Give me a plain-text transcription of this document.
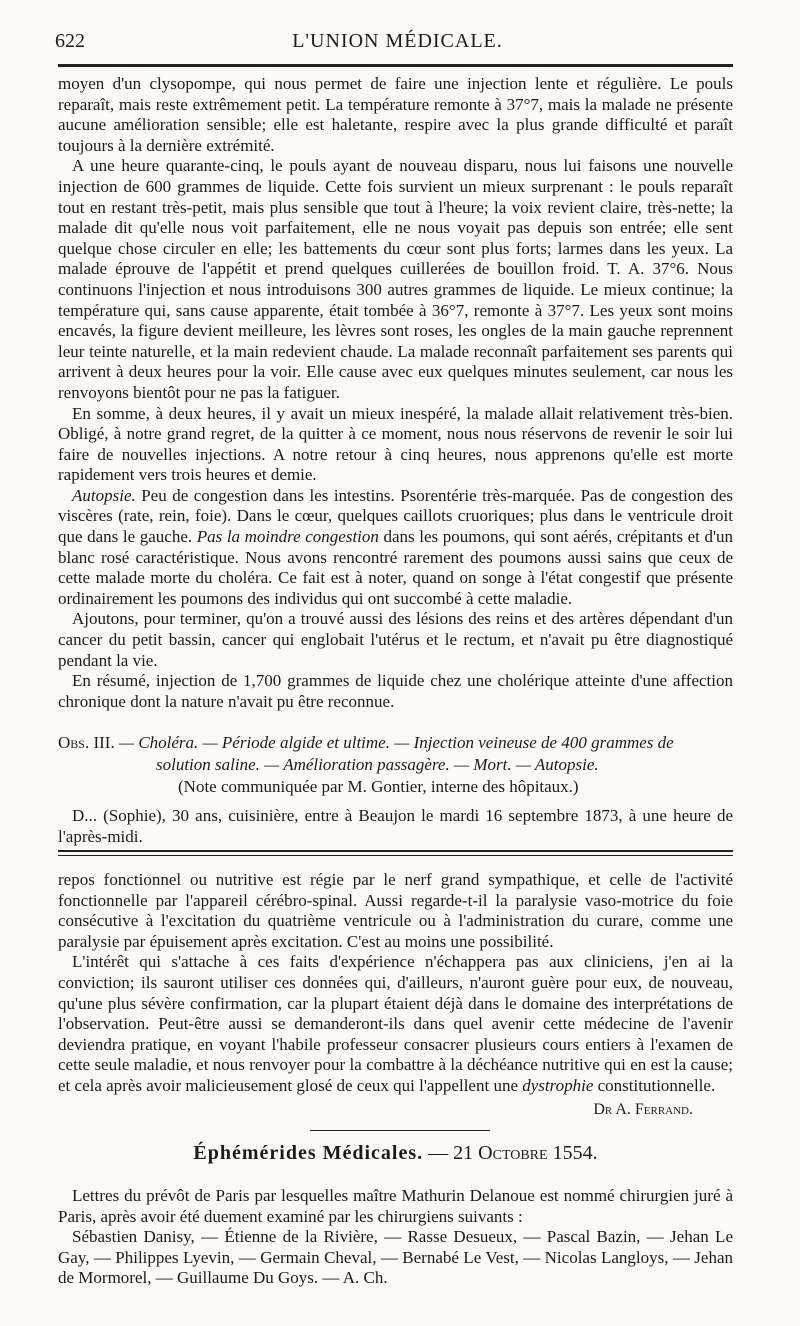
622	L'UNION MÉDICALE.

moyen d'un clysopompe, qui nous permet de faire une injection lente et régulière. Le pouls reparaît, mais reste extrêmement petit. La température remonte à 37°7, mais la malade ne présente aucune amélioration sensible; elle est haletante, respire avec la plus grande difficulté et paraît toujours à la dernière extrémité.

A une heure quarante-cinq, le pouls ayant de nouveau disparu, nous lui faisons une nouvelle injection de 600 grammes de liquide. Cette fois survient un mieux surprenant : le pouls reparaît tout en restant très-petit, mais plus sensible que tout à l'heure; la voix revient claire, très-nette; la malade dit qu'elle nous voit parfaitement, elle ne nous voyait pas depuis son entrée; elle sent quelque chose circuler en elle; les battements du cœur sont plus forts; larmes dans les yeux. La malade éprouve de l'appétit et prend quelques cuillerées de bouillon froid. T. A. 37°6. Nous continuons l'injection et nous introduisons 300 autres grammes de liquide. Le mieux continue; la température qui, sans cause apparente, était tombée à 36°7, remonte à 37°7. Les yeux sont moins encavés, la figure devient meilleure, les lèvres sont roses, les ongles de la main gauche reprennent leur teinte naturelle, et la main redevient chaude. La malade reconnaît parfaitement ses parents qui arrivent à deux heures pour la voir. Elle cause avec eux quelques minutes seulement, car nous les renvoyons bientôt pour ne pas la fatiguer.

En somme, à deux heures, il y avait un mieux inespéré, la malade allait relativement très-bien. Obligé, à notre grand regret, de la quitter à ce moment, nous nous réservons de revenir le soir lui faire de nouvelles injections. A notre retour à cinq heures, nous apprenons qu'elle est morte rapidement vers trois heures et demie.

Autopsie. Peu de congestion dans les intestins. Psorentérie très-marquée. Pas de congestion des viscères (rate, rein, foie). Dans le cœur, quelques caillots cruoriques; plus dans le ventricule droit que dans le gauche. Pas la moindre congestion dans les poumons, qui sont aérés, crépitants et d'un blanc rosé caractéristique. Nous avons rencontré rarement des poumons aussi sains que ceux de cette malade morte du choléra. Ce fait est à noter, quand on songe à l'état congestif que présente ordinairement les poumons des individus qui ont succombé à cette maladie.

Ajoutons, pour terminer, qu'on a trouvé aussi des lésions des reins et des artères dépendant d'un cancer du petit bassin, cancer qui englobait l'utérus et le rectum, et n'avait pu être diagnostiqué pendant la vie.

En résumé, injection de 1,700 grammes de liquide chez une cholérique atteinte d'une affection chronique dont la nature n'avait pu être reconnue.

Obs. III. — Choléra. — Période algide et ultime. — Injection veineuse de 400 grammes de
solution saline. — Amélioration passagère. — Mort. — Autopsie.
(Note communiquée par M. Gontier, interne des hôpitaux.)

D... (Sophie), 30 ans, cuisinière, entre à Beaujon le mardi 16 septembre 1873, à une heure de l'après-midi.

repos fonctionnel ou nutritive est régie par le nerf grand sympathique, et celle de l'activité fonctionnelle par l'appareil cérébro-spinal. Aussi regarde-t-il la paralysie vaso-motrice du foie consécutive à l'excitation du quatrième ventricule ou à l'administration du curare, comme une paralysie par épuisement après excitation. C'est au moins une possibilité.

L'intérêt qui s'attache à ces faits d'expérience n'échappera pas aux cliniciens, j'en ai la conviction; ils sauront utiliser ces données qui, d'ailleurs, n'auront guère pour eux, de nouveau, qu'une plus sévère confirmation, car la plupart étaient déjà dans le domaine des interprétations de l'observation. Peut-être aussi se demanderont-ils dans quel avenir cette médecine de l'avenir deviendra pratique, en voyant l'habile professeur consacrer plusieurs cours entiers à l'examen de cette seule maladie, et nous renvoyer pour la combattre à la déchéance nutritive qui en est la cause; et cela après avoir malicieusement glosé de ceux qui l'appellent une dystrophie constitutionnelle.

Dr A. Ferrand.
Éphémérides Médicales. — 21 Octobre 1554.

Lettres du prévôt de Paris par lesquelles maître Mathurin Delanoue est nommé chirurgien juré à Paris, après avoir été duement examiné par les chirurgiens suivants :

Sébastien Danisy, — Étienne de la Rivière, — Rasse Desueux, — Pascal Bazin, — Jehan Le Gay, — Philippes Lyevin, — Germain Cheval, — Bernabé Le Vest, — Nicolas Langloys, — Jehan de Mormorel, — Guillaume Du Goys. — A. Ch.
